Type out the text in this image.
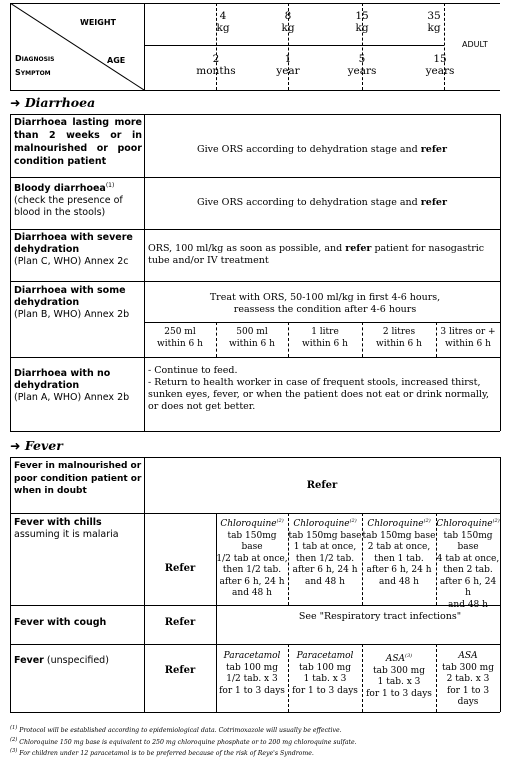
WEIGHT
AGE
Diagnosis
Symptom
ADULT
4
kg
8
kg
15
kg
35
kg
2
months
1
year
5
years
15
years
➜ Diarrhoea
Diarrhoea lasting more than 2 weeks or in malnourished or poor condition patient
Give ORS according to dehydration stage and refer
Bloody diarrhoea$^{(1)}$ (check the presence of blood in the stools)
Give ORS according to dehydration stage and refer
Diarrhoea with severe dehydration
(Plan C, WHO) Annex 2c
ORS, 100 ml/kg as soon as possible, and refer patient for nasogastric tube and/or IV treatment
Diarrhoea with some dehydration
(Plan B, WHO) Annex 2b
Treat with ORS, 50-100 ml/kg in first 4-6 hours, reassess the condition after 4-6 hours
250 ml
within 6 h
500 ml
within 6 h
1 litre
within 6 h
2 litres
within 6 h
3 litres or +
within 6 h
Diarrhoea with no dehydration
(Plan A, WHO) Annex 2b
- Continue to feed.
- Return to health worker in case of frequent stools, increased thirst, sunken eyes, fever, or when the patient does not eat or drink normally, or does not get better.
➜ Fever
Fever in malnourished or poor condition patient or when in doubt	Refer
Fever with chills
assuming it is malaria
Refer
Chloroquine$^{(2)}$
tab 150mg base
1/2 tab at once,
then 1/2 tab.
after 6 h, 24 h
and 48 h
Chloroquine$^{(2)}$
tab 150mg base
1 tab at once,
then 1/2 tab.
after 6 h, 24 h
and 48 h
Chloroquine$^{(2)}$
tab 150mg base
2 tab at once,
then 1 tab.
after 6 h, 24 h
and 48 h
Chloroquine$^{(2)}$
tab 150mg base
4 tab at once,
then 2 tab.
after 6 h, 24 h
and 48 h
Fever with cough	Refer
See "Respiratory tract infections"
Fever (unspecified)
Refer
Paracetamol
tab 100 mg
1/2 tab. x 3
for 1 to 3 days
Paracetamol
tab 100 mg
1 tab. x 3
for 1 to 3 days
ASA$^{(3)}$
tab 300 mg
1 tab. x 3
for 1 to 3 days
ASA
tab 300 mg
2 tab. x 3
for 1 to 3 days
$^{(1)}$ Protocol will be established according to epidemiological data. Cotrimoxazole will usually be effective.
$^{(2)}$ Chloroquine 150 mg base is equivalent to 250 mg chloroquine phosphate or to 200 mg chloroquine sulfate.
$^{(3)}$ For children under 12 paracetamol is to be preferred because of the risk of Reye's Syndrome.
